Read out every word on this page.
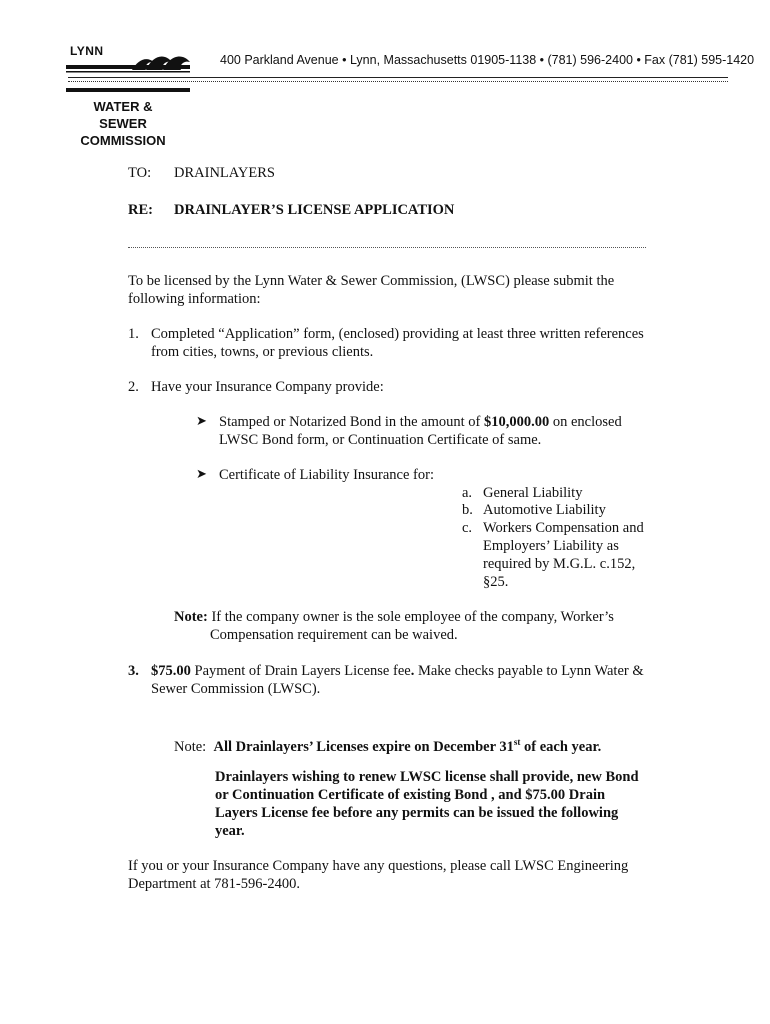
LYNN
400 Parkland Avenue • Lynn, Massachusetts 01905-1138 • (781) 596-2400 • Fax (781) 595-1420
WATER & SEWER
COMMISSION
TO: DRAINLAYERS
RE: DRAINLAYER’S LICENSE APPLICATION
To be licensed by the Lynn Water & Sewer Commission, (LWSC) please submit the
following information:
1. Completed “Application” form, (enclosed) providing at least three written references
from cities, towns, or previous clients.
2. Have your Insurance Company provide:
➤ Stamped or Notarized Bond in the amount of $10,000.00 on enclosed
LWSC Bond form, or Continuation Certificate of same.
➤ Certificate of Liability Insurance for:
a. General Liability
b. Automotive Liability
c. Workers Compensation and
Employers’ Liability as
required by M.G.L. c.152,
§25.
Note: If the company owner is the sole employee of the company, Worker’s
Compensation requirement can be waived.
3. $75.00 Payment of Drain Layers License fee. Make checks payable to Lynn Water &
Sewer Commission (LWSC).
Note: All Drainlayers’ Licenses expire on December 31st of each year.
Drainlayers wishing to renew LWSC license shall provide, new Bond
or Continuation Certificate of existing Bond , and $75.00 Drain
Layers License fee before any permits can be issued the following
year.
If you or your Insurance Company have any questions, please call LWSC Engineering
Department at 781-596-2400.
